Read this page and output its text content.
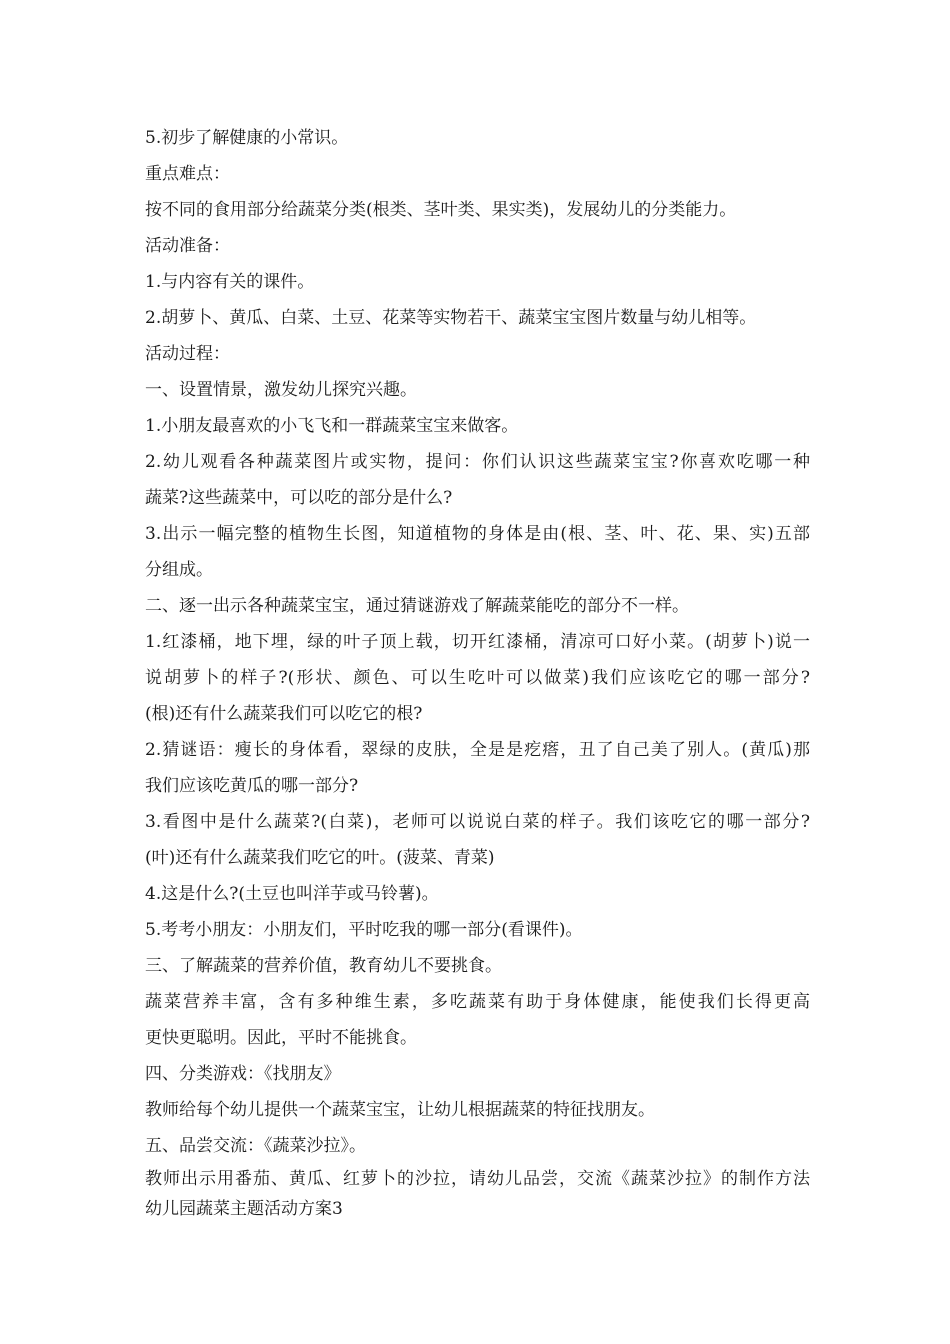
5.初步了解健康的小常识。
重点难点：
按不同的食用部分给蔬菜分类(根类、茎叶类、果实类)，发展幼儿的分类能力。
活动准备：
1.与内容有关的课件。
2.胡萝卜、黄瓜、白菜、土豆、花菜等实物若干、蔬菜宝宝图片数量与幼儿相等。
活动过程：
一、设置情景，激发幼儿探究兴趣。
1.小朋友最喜欢的小飞飞和一群蔬菜宝宝来做客。
2.幼儿观看各种蔬菜图片或实物，提问：你们认识这些蔬菜宝宝?你喜欢吃哪一种
蔬菜?这些蔬菜中，可以吃的部分是什么?
3.出示一幅完整的植物生长图，知道植物的身体是由(根、茎、叶、花、果、实)五部
分组成。
二、逐一出示各种蔬菜宝宝，通过猜谜游戏了解蔬菜能吃的部分不一样。
1.红漆桶，地下埋，绿的叶子顶上载，切开红漆桶，清凉可口好小菜。(胡萝卜)说一
说胡萝卜的样子?(形状、颜色、可以生吃叶可以做菜)我们应该吃它的哪一部分?
(根)还有什么蔬菜我们可以吃它的根?
2.猜谜语：瘦长的身体看，翠绿的皮肤，全是是疙瘩，丑了自己美了别人。(黄瓜)那
我们应该吃黄瓜的哪一部分?
3.看图中是什么蔬菜?(白菜)，老师可以说说白菜的样子。我们该吃它的哪一部分?
(叶)还有什么蔬菜我们吃它的叶。(菠菜、青菜)
4.这是什么?(土豆也叫洋芋或马铃薯)。
5.考考小朋友：小朋友们，平时吃我的哪一部分(看课件)。
三、了解蔬菜的营养价值，教育幼儿不要挑食。
蔬菜营养丰富，含有多种维生素，多吃蔬菜有助于身体健康，能使我们长得更高
更快更聪明。因此，平时不能挑食。
四、分类游戏：《找朋友》
教师给每个幼儿提供一个蔬菜宝宝，让幼儿根据蔬菜的特征找朋友。
五、品尝交流：《蔬菜沙拉》。
教师出示用番茄、黄瓜、红萝卜的沙拉，请幼儿品尝，交流《蔬菜沙拉》的制作方法
幼儿园蔬菜主题活动方案3
